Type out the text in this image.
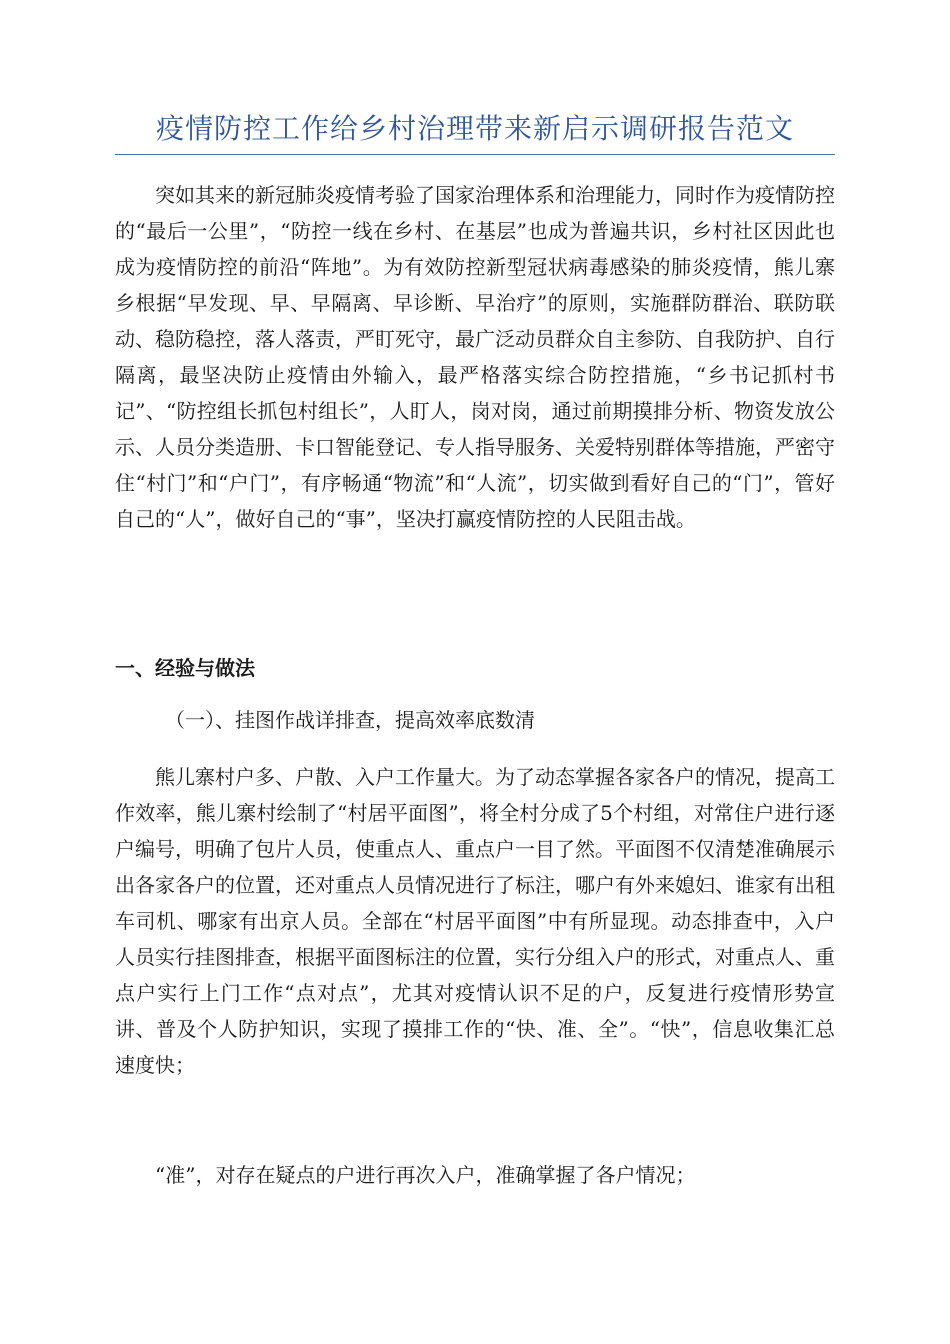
疫情防控工作给乡村治理带来新启示调研报告范文

突如其来的新冠肺炎疫情考验了国家治理体系和治理能力，同时作为疫情防控的“最后一公里”，“防控一线在乡村、在基层”也成为普遍共识，乡村社区因此也成为疫情防控的前沿“阵地”。为有效防控新型冠状病毒感染的肺炎疫情，熊儿寨乡根据“早发现、早、早隔离、早诊断、早治疗”的原则，实施群防群治、联防联动、稳防稳控，落人落责，严盯死守，最广泛动员群众自主参防、自我防护、自行隔离，最坚决防止疫情由外输入，最严格落实综合防控措施，“乡书记抓村书记”、“防控组长抓包村组长”，人盯人，岗对岗，通过前期摸排分析、物资发放公示、人员分类造册、卡口智能登记、专人指导服务、关爱特别群体等措施，严密守住“村门”和“户门”，有序畅通“物流”和“人流”，切实做到看好自己的“门”，管好自己的“人”，做好自己的“事”，坚决打赢疫情防控的人民阻击战。

一、经验与做法

（一）、挂图作战详排查，提高效率底数清

熊儿寨村户多、户散、入户工作量大。为了动态掌握各家各户的情况，提高工作效率，熊儿寨村绘制了“村居平面图”，将全村分成了5个村组，对常住户进行逐户编号，明确了包片人员，使重点人、重点户一目了然。平面图不仅清楚准确展示出各家各户的位置，还对重点人员情况进行了标注，哪户有外来媳妇、谁家有出租车司机、哪家有出京人员。全部在“村居平面图”中有所显现。动态排查中，入户人员实行挂图排查，根据平面图标注的位置，实行分组入户的形式，对重点人、重点户实行上门工作“点对点”，尤其对疫情认识不足的户，反复进行疫情形势宣讲、普及个人防护知识，实现了摸排工作的“快、准、全”。“快”，信息收集汇总速度快；

“准”，对存在疑点的户进行再次入户，准确掌握了各户情况；
